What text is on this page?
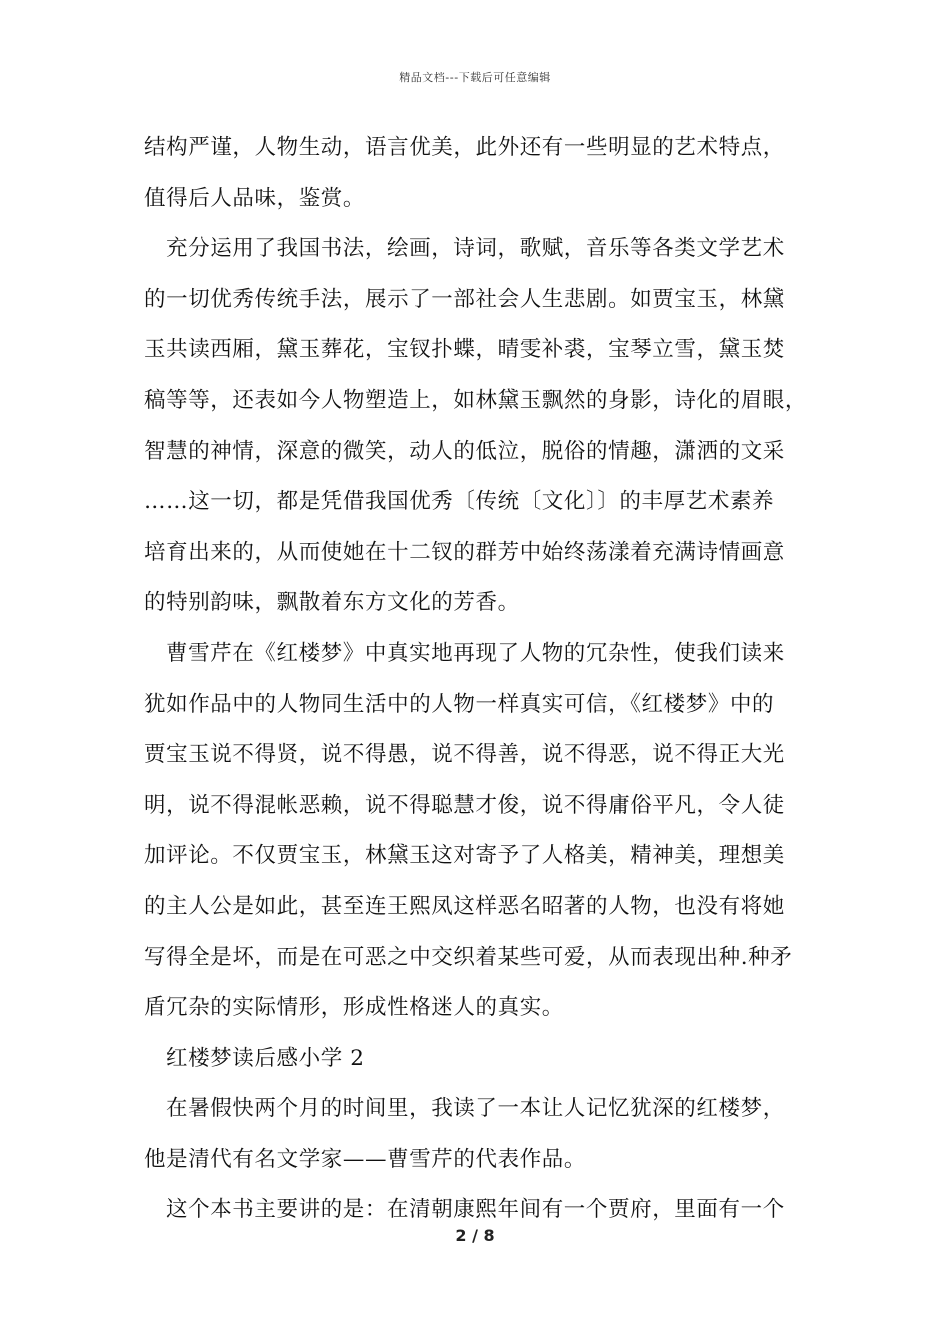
精品文档---下载后可任意编辑
结构严谨，人物生动，语言优美，此外还有一些明显的艺术特点，
值得后人品味，鉴赏。
充分运用了我国书法，绘画，诗词，歌赋，音乐等各类文学艺术
的一切优秀传统手法，展示了一部社会人生悲剧。如贾宝玉，林黛
玉共读西厢，黛玉葬花，宝钗扑蝶，晴雯补裘，宝琴立雪，黛玉焚
稿等等，还表如今人物塑造上，如林黛玉飘然的身影，诗化的眉眼，
智慧的神情，深意的微笑，动人的低泣，脱俗的情趣，潇洒的文采
……这一切，都是凭借我国优秀〔传统〔文化〕〕的丰厚艺术素养
培育出来的，从而使她在十二钗的群芳中始终荡漾着充满诗情画意
的特别韵味，飘散着东方文化的芳香。
曹雪芹在《红楼梦》中真实地再现了人物的冗杂性，使我们读来
犹如作品中的人物同生活中的人物一样真实可信，《红楼梦》中的
贾宝玉说不得贤，说不得愚，说不得善，说不得恶，说不得正大光
明，说不得混帐恶赖，说不得聪慧才俊，说不得庸俗平凡，令人徒
加评论。不仅贾宝玉，林黛玉这对寄予了人格美，精神美，理想美
的主人公是如此，甚至连王熙凤这样恶名昭著的人物，也没有将她
写得全是坏，而是在可恶之中交织着某些可爱，从而表现出种.种矛
盾冗杂的实际情形，形成性格迷人的真实。
红楼梦读后感小学 2
在暑假快两个月的时间里，我读了一本让人记忆犹深的红楼梦，
他是清代有名文学家——曹雪芹的代表作品。
这个本书主要讲的是：在清朝康熙年间有一个贾府，里面有一个
2 / 8
